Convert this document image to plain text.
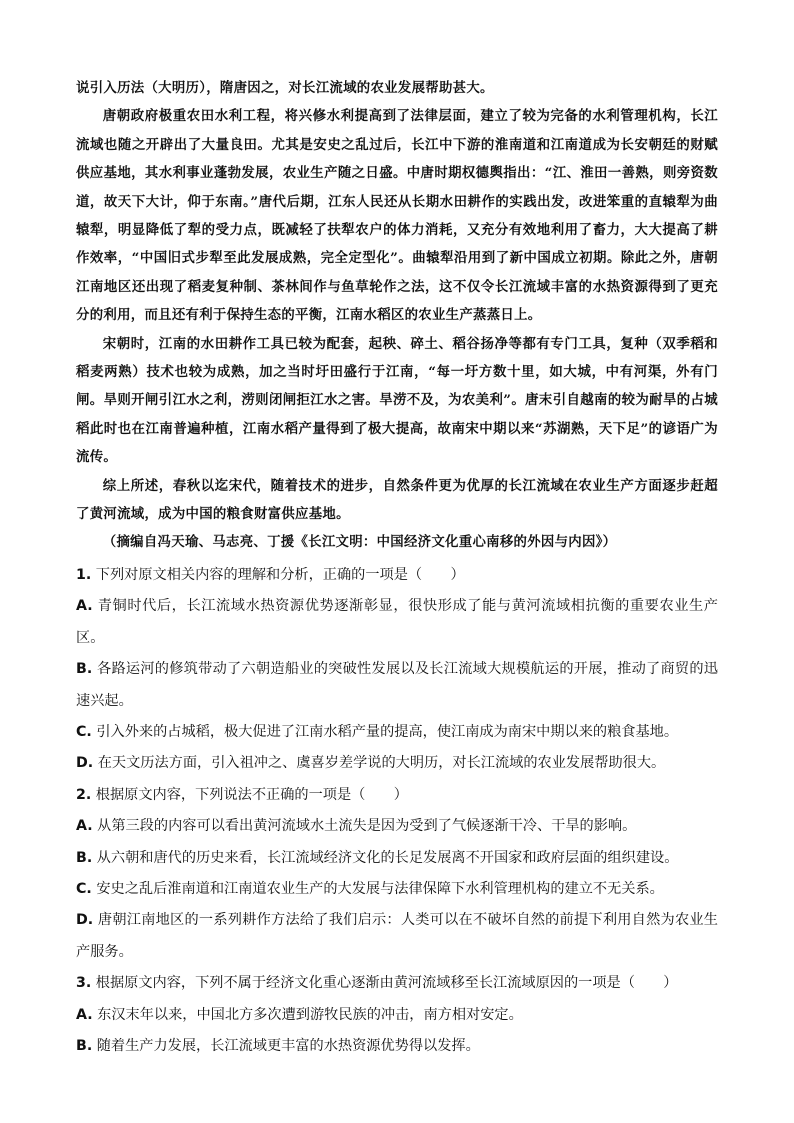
说引入历法（大明历），隋唐因之，对长江流域的农业发展帮助甚大。

唐朝政府极重农田水利工程，将兴修水利提高到了法律层面，建立了较为完备的水利管理机构，长江流域也随之开辟出了大量良田。尤其是安史之乱过后，长江中下游的淮南道和江南道成为长安朝廷的财赋供应基地，其水利事业蓬勃发展，农业生产随之日盛。中唐时期权德舆指出：“江、淮田一善熟，则旁资数道，故天下大计，仰于东南。”唐代后期，江东人民还从长期水田耕作的实践出发，改进笨重的直辕犁为曲辕犁，明显降低了犁的受力点，既减轻了扶犁农户的体力消耗，又充分有效地利用了畜力，大大提高了耕作效率，“中国旧式步犁至此发展成熟，完全定型化”。曲辕犁沿用到了新中国成立初期。除此之外，唐朝江南地区还出现了稻麦复种制、茶林间作与鱼草轮作之法，这不仅令长江流域丰富的水热资源得到了更充分的利用，而且还有利于保持生态的平衡，江南水稻区的农业生产蒸蒸日上。

宋朝时，江南的水田耕作工具已较为配套，起秧、碎土、稻谷扬净等都有专门工具，复种（双季稻和稻麦两熟）技术也较为成熟，加之当时圩田盛行于江南，“每一圩方数十里，如大城，中有河渠，外有门闸。旱则开闸引江水之利，涝则闭闸拒江水之害。旱涝不及，为农美利”。唐末引自越南的较为耐旱的占城稻此时也在江南普遍种植，江南水稻产量得到了极大提高，故南宋中期以来“苏湖熟，天下足”的谚语广为流传。

综上所述，春秋以迄宋代，随着技术的进步，自然条件更为优厚的长江流域在农业生产方面逐步赶超了黄河流域，成为中国的粮食财富供应基地。

（摘编自冯天瑜、马志亮、丁援《长江文明：中国经济文化重心南移的外因与内因》）

1. 下列对原文相关内容的理解和分析，正确的一项是（　　）

A. 青铜时代后，长江流域水热资源优势逐渐彰显，很快形成了能与黄河流域相抗衡的重要农业生产区。

B. 各路运河的修筑带动了六朝造船业的突破性发展以及长江流域大规模航运的开展，推动了商贸的迅速兴起。

C. 引入外来的占城稻，极大促进了江南水稻产量的提高，使江南成为南宋中期以来的粮食基地。

D. 在天文历法方面，引入祖冲之、虞喜岁差学说的大明历，对长江流域的农业发展帮助很大。

2. 根据原文内容，下列说法不正确的一项是（　　）

A. 从第三段的内容可以看出黄河流域水土流失是因为受到了气候逐渐干冷、干旱的影响。

B. 从六朝和唐代的历史来看，长江流域经济文化的长足发展离不开国家和政府层面的组织建设。

C. 安史之乱后淮南道和江南道农业生产的大发展与法律保障下水利管理机构的建立不无关系。

D. 唐朝江南地区的一系列耕作方法给了我们启示：人类可以在不破坏自然的前提下利用自然为农业生产服务。

3. 根据原文内容，下列不属于经济文化重心逐渐由黄河流域移至长江流域原因的一项是（　　）

A. 东汉末年以来，中国北方多次遭到游牧民族的冲击，南方相对安定。

B. 随着生产力发展，长江流域更丰富的水热资源优势得以发挥。
